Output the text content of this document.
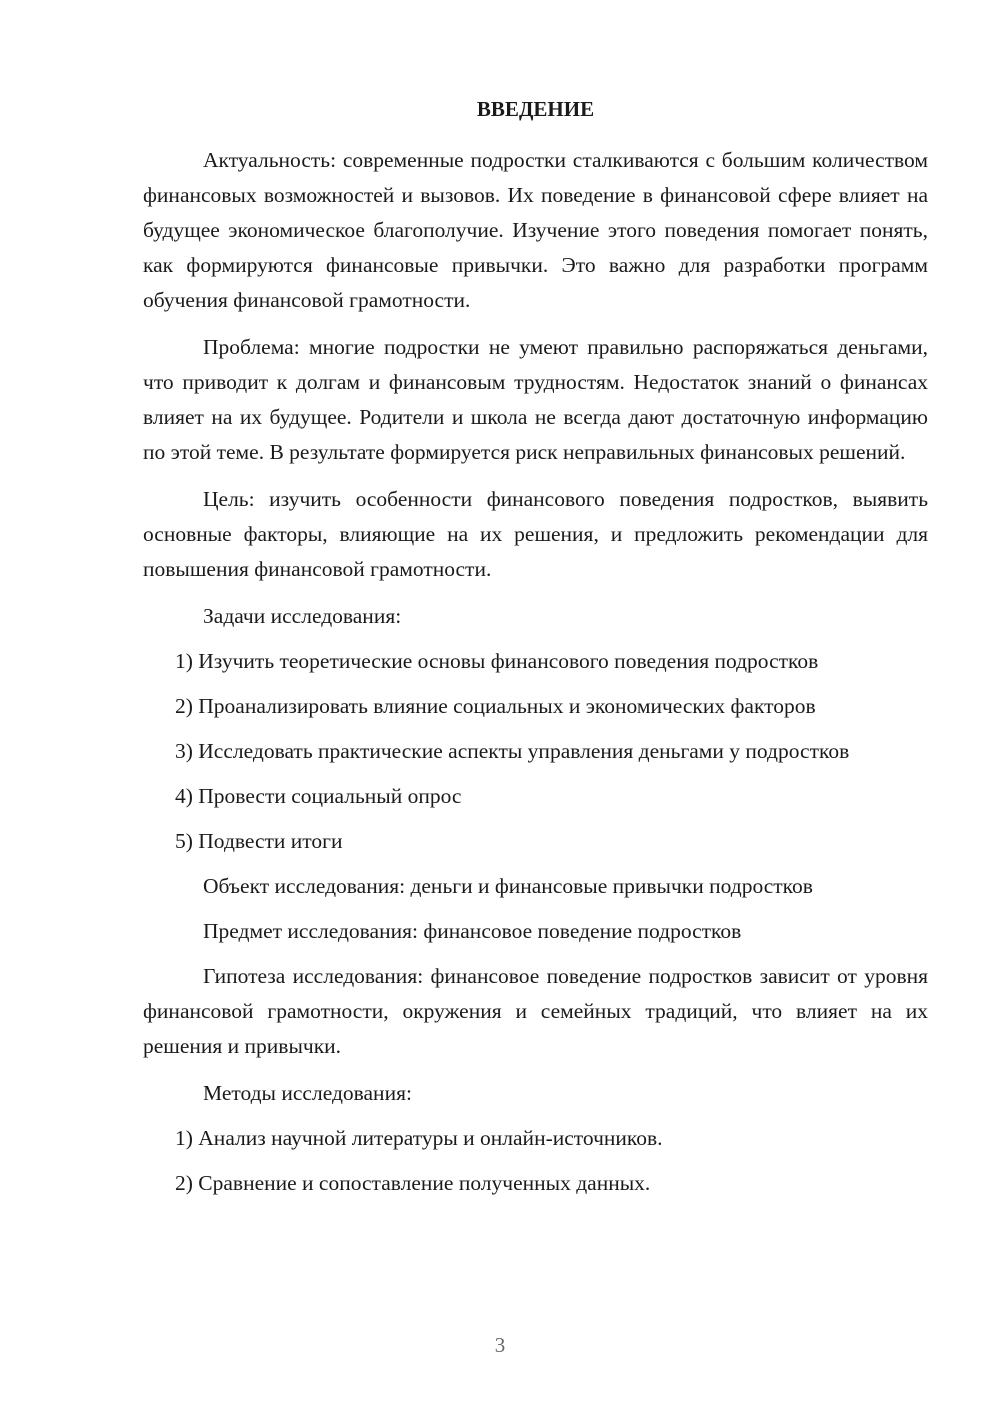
ВВЕДЕНИЕ

Актуальность: современные подростки сталкиваются с большим количеством финансовых возможностей и вызовов. Их поведение в финансовой сфере влияет на будущее экономическое благополучие. Изучение этого поведения помогает понять, как формируются финансовые привычки. Это важно для разработки программ обучения финансовой грамотности.

Проблема: многие подростки не умеют правильно распоряжаться деньгами, что приводит к долгам и финансовым трудностям. Недостаток знаний о финансах влияет на их будущее. Родители и школа не всегда дают достаточную информацию по этой теме. В результате формируется риск неправильных финансовых решений.

Цель: изучить особенности финансового поведения подростков, выявить основные факторы, влияющие на их решения, и предложить рекомендации для повышения финансовой грамотности.

Задачи исследования:

1) Изучить теоретические основы финансового поведения подростков

2) Проанализировать влияние социальных и экономических факторов

3) Исследовать практические аспекты управления деньгами у подростков

4) Провести социальный опрос

5) Подвести итоги

Объект исследования: деньги и финансовые привычки подростков

Предмет исследования: финансовое поведение подростков

Гипотеза исследования: финансовое поведение подростков зависит от уровня финансовой грамотности, окружения и семейных традиций, что влияет на их решения и привычки.

Методы исследования:

1) Анализ научной литературы и онлайн-источников.

2) Сравнение и сопоставление полученных данных.

3
